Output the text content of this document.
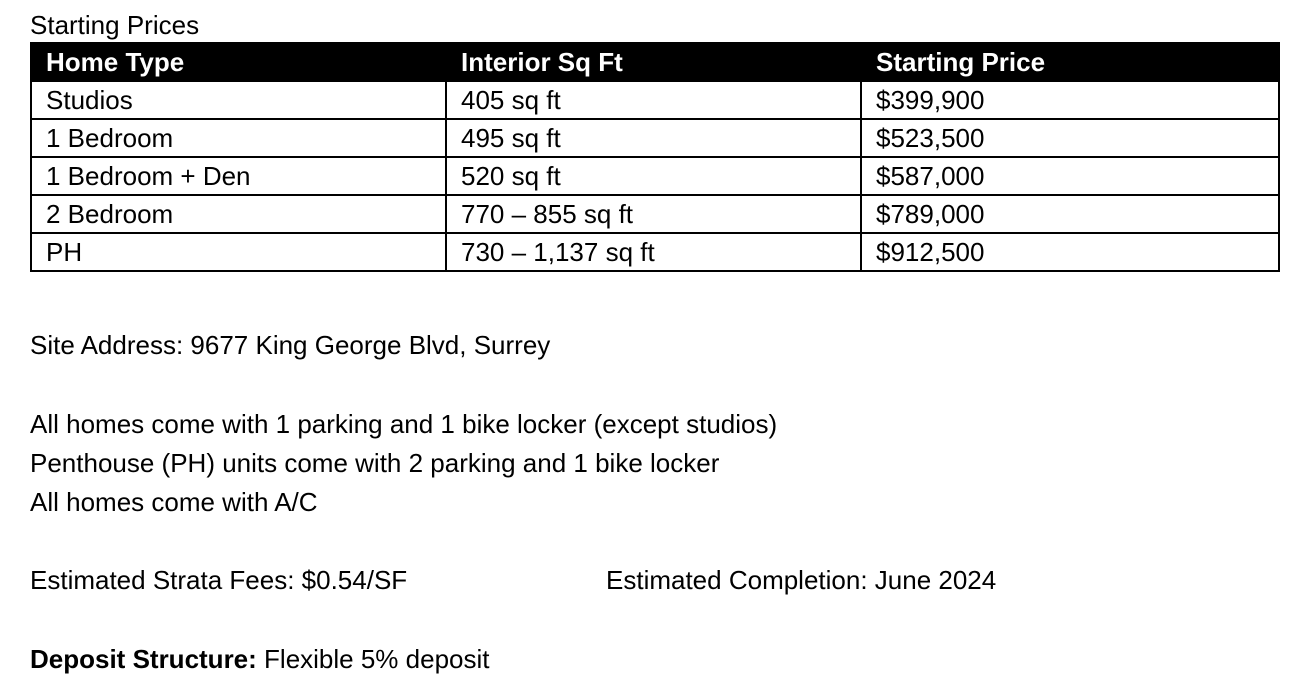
Starting Prices
Home Type	Interior Sq Ft	Starting Price
Studios	405 sq ft	$399,900
1 Bedroom	495 sq ft	$523,500
1 Bedroom + Den	520 sq ft	$587,000
2 Bedroom	770 – 855 sq ft	$789,000
PH	730 – 1,137 sq ft	$912,500

Site Address: 9677 King George Blvd, Surrey

All homes come with 1 parking and 1 bike locker (except studios)
Penthouse (PH) units come with 2 parking and 1 bike locker
All homes come with A/C
Estimated Strata Fees: $0.54/SF	Estimated Completion: June 2024

Deposit Structure: Flexible 5% deposit
